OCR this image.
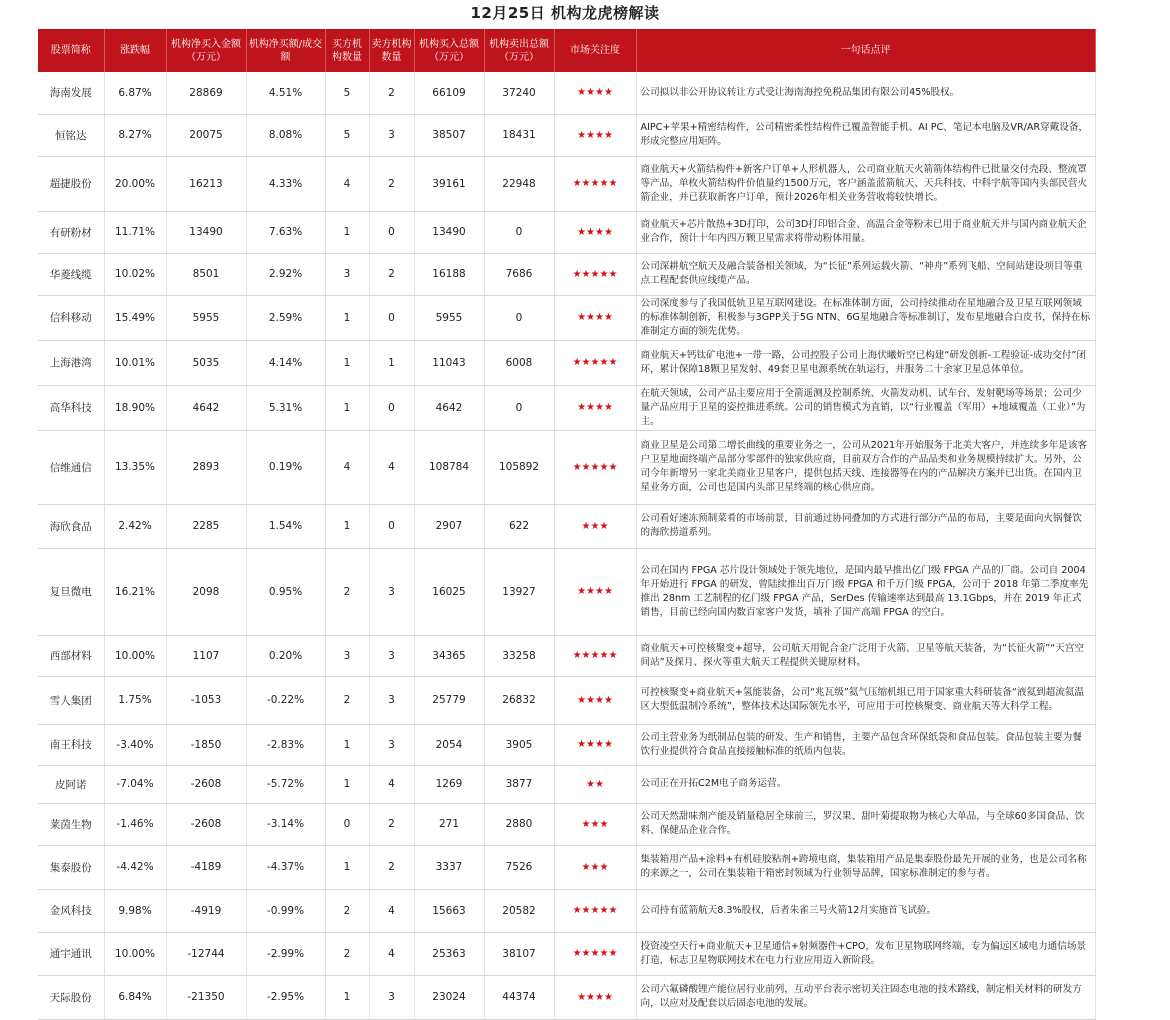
12月25日 机构龙虎榜解读
股票简称	涨跌幅	机构净买入金额（万元）	机构净买额/成交额	买方机构数量	卖方机构数量	机构买入总额（万元）	机构卖出总额（万元）	市场关注度	一句话点评
海南发展	6.87%	28869	4.51%	5	2	66109	37240	★★★★	公司拟以非公开协议转让方式受让海南海控免税品集团有限公司45%股权。
恒铭达	8.27%	20075	8.08%	5	3	38507	18431	★★★★	AIPC+苹果+精密结构件，公司精密柔性结构件已覆盖智能手机、AI PC、笔记本电脑及VR/AR穿戴设备，形成完整应用矩阵。
超捷股份	20.00%	16213	4.33%	4	2	39161	22948	★★★★★	商业航天+火箭结构件+新客户订单+人形机器人，公司商业航天火箭箭体结构件已批量交付壳段、整流罩等产品，单枚火箭结构件价值量约1500万元，客户涵盖蓝箭航天、天兵科技、中科宇航等国内头部民营火箭企业，并已获取新客户订单，预计2026年相关业务营收将较快增长。
有研粉材	11.71%	13490	7.63%	1	0	13490	0	★★★★	商业航天+芯片散热+3D打印，公司3D打印铝合金、高温合金等粉末已用于商业航天并与国内商业航天企业合作，预计十年内四万颗卫星需求将带动粉体用量。
华菱线缆	10.02%	8501	2.92%	3	2	16188	7686	★★★★★	公司深耕航空航天及融合装备相关领域，为“长征”系列运载火箭、“神舟”系列飞船、空间站建设项目等重点工程配套供应线缆产品。
信科移动	15.49%	5955	2.59%	1	0	5955	0	★★★★	公司深度参与了我国低轨卫星互联网建设。在标准体制方面，公司持续推动在星地融合及卫星互联网领域的标准体制创新，积极参与3GPP关于5G NTN、6G星地融合等标准制订，发布星地融合白皮书，保持在标准制定方面的领先优势。
上海港湾	10.01%	5035	4.14%	1	1	11043	6008	★★★★★	商业航天+钙钛矿电池+一带一路，公司控股子公司上海伏曦炘空已构建“研发创新-工程验证-成功交付”闭环，累计保障18颗卫星发射、49套卫星电源系统在轨运行，并服务二十余家卫星总体单位。
高华科技	18.90%	4642	5.31%	1	0	4642	0	★★★★	在航天领域，公司产品主要应用于全箭遥测及控制系统、火箭发动机、试车台、发射靶场等场景；公司少量产品应用于卫星的姿控推进系统。公司的销售模式为直销，以“行业覆盖（军用）+地域覆盖（工业）”为主。
信维通信	13.35%	2893	0.19%	4	4	108784	105892	★★★★★	商业卫星是公司第二增长曲线的重要业务之一，公司从2021年开始服务于北美大客户，并连续多年是该客户卫星地面终端产品部分零部件的独家供应商，目前双方合作的产品品类和业务规模持续扩大。另外，公司今年新增另一家北美商业卫星客户，提供包括天线、连接器等在内的产品解决方案并已出货。在国内卫星业务方面，公司也是国内头部卫星终端的核心供应商。
海欣食品	2.42%	2285	1.54%	1	0	2907	622	★★★	公司看好速冻预制菜肴的市场前景，目前通过协同叠加的方式进行部分产品的布局，主要是面向火锅餐饮的海欣捞道系列。
复旦微电	16.21%	2098	0.95%	2	3	16025	13927	★★★★	公司在国内 FPGA 芯片设计领域处于领先地位，是国内最早推出亿门级 FPGA 产品的厂商。公司自 2004 年开始进行 FPGA 的研发，曾陆续推出百万门级 FPGA 和千万门级 FPGA，公司于 2018 年第二季度率先推出 28nm 工艺制程的亿门级 FPGA 产品，SerDes 传输速率达到最高 13.1Gbps，并在 2019 年正式销售，目前已经向国内数百家客户发货，填补了国产高端 FPGA 的空白。
西部材料	10.00%	1107	0.20%	3	3	34365	33258	★★★★★	商业航天+可控核聚变+超导，公司航天用铌合金广泛用于火箭、卫星等航天装备，为“长征火箭”“天宫空间站”及探月、探火等重大航天工程提供关键原材料。
雪人集团	1.75%	-1053	-0.22%	2	3	25779	26832	★★★★	可控核聚变+商业航天+氢能装备，公司“兆瓦级”氦气压缩机组已用于国家重大科研装备“液氦到超流氦温区大型低温制冷系统”，整体技术达国际领先水平，可应用于可控核聚变、商业航天等大科学工程。
南王科技	-3.40%	-1850	-2.83%	1	3	2054	3905	★★★★	公司主营业务为纸制品包装的研发、生产和销售，主要产品包含环保纸袋和食品包装。食品包装主要为餐饮行业提供符合食品直接接触标准的纸质内包装。
皮阿诺	-7.04%	-2608	-5.72%	1	4	1269	3877	★★	公司正在开拓C2M电子商务运营。
莱茵生物	-1.46%	-2608	-3.14%	0	2	271	2880	★★★	公司天然甜味剂产能及销量稳居全球前三，罗汉果、甜叶菊提取物为核心大单品，与全球60多国食品、饮料、保健品企业合作。
集泰股份	-4.42%	-4189	-4.37%	1	2	3337	7526	★★★	集装箱用产品+涂料+有机硅胶粘剂+跨境电商，集装箱用产品是集泰股份最先开展的业务，也是公司名称的来源之一，公司在集装箱干箱密封领域为行业领导品牌，国家标准制定的参与者。
金风科技	9.98%	-4919	-0.99%	2	4	15663	20582	★★★★★	公司持有蓝箭航天8.3%股权，后者朱雀三号火箭12月实施首飞试验。
通宇通讯	10.00%	-12744	-2.99%	2	4	25363	38107	★★★★★	投资凌空天行+商业航天+卫星通信+射频器件+CPO，发布卫星物联网终端，专为偏远区域电力通信场景打造，标志卫星物联网技术在电力行业应用迈入新阶段。
天际股份	6.84%	-21350	-2.95%	1	3	23024	44374	★★★★	公司六氟磷酸锂产能位居行业前列，互动平台表示密切关注固态电池的技术路线，制定相关材料的研发方向，以应对及配套以后固态电池的发展。
